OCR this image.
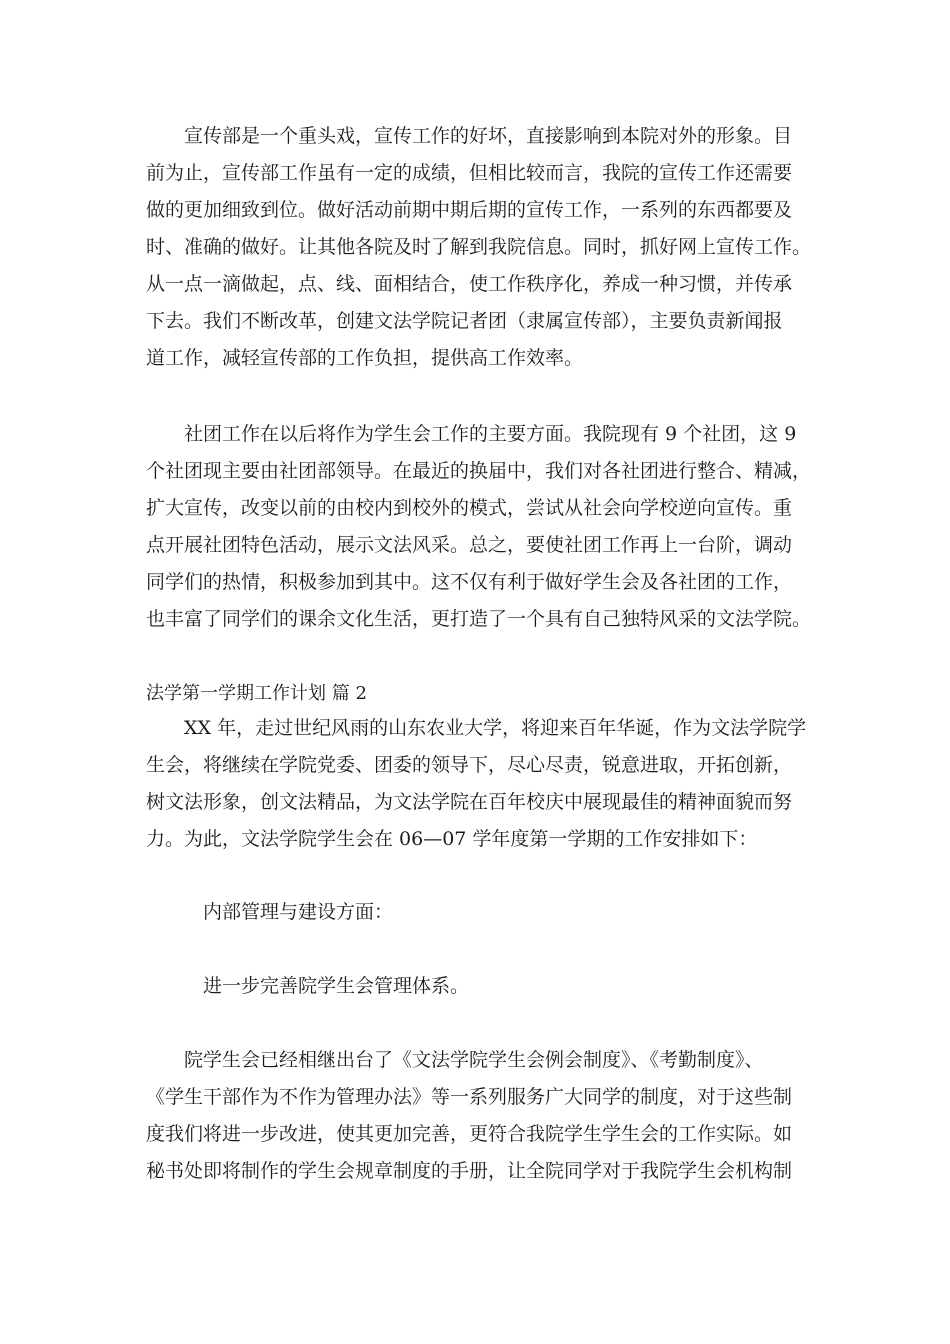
宣传部是一个重头戏，宣传工作的好坏，直接影响到本院对外的形象。目
前为止，宣传部工作虽有一定的成绩，但相比较而言，我院的宣传工作还需要
做的更加细致到位。做好活动前期中期后期的宣传工作，一系列的东西都要及
时、准确的做好。让其他各院及时了解到我院信息。同时，抓好网上宣传工作。
从一点一滴做起，点、线、面相结合，使工作秩序化，养成一种习惯，并传承
下去。我们不断改革，创建文法学院记者团（隶属宣传部），主要负责新闻报
道工作，减轻宣传部的工作负担，提供高工作效率。
社团工作在以后将作为学生会工作的主要方面。我院现有 9 个社团，这 9
个社团现主要由社团部领导。在最近的换届中，我们对各社团进行整合、精减，
扩大宣传，改变以前的由校内到校外的模式，尝试从社会向学校逆向宣传。重
点开展社团特色活动，展示文法风采。总之，要使社团工作再上一台阶，调动
同学们的热情，积极参加到其中。这不仅有利于做好学生会及各社团的工作，
也丰富了同学们的课余文化生活，更打造了一个具有自己独特风采的文法学院。
法学第一学期工作计划 篇 2
XX 年，走过世纪风雨的山东农业大学，将迎来百年华诞，作为文法学院学
生会，将继续在学院党委、团委的领导下，尽心尽责，锐意进取，开拓创新，
树文法形象，创文法精品，为文法学院在百年校庆中展现最佳的精神面貌而努
力。为此，文法学院学生会在 06—07 学年度第一学期的工作安排如下：
内部管理与建设方面：
进一步完善院学生会管理体系。
院学生会已经相继出台了《文法学院学生会例会制度》、《考勤制度》、
《学生干部作为不作为管理办法》等一系列服务广大同学的制度，对于这些制
度我们将进一步改进，使其更加完善，更符合我院学生学生会的工作实际。如
秘书处即将制作的学生会规章制度的手册，让全院同学对于我院学生会机构制
